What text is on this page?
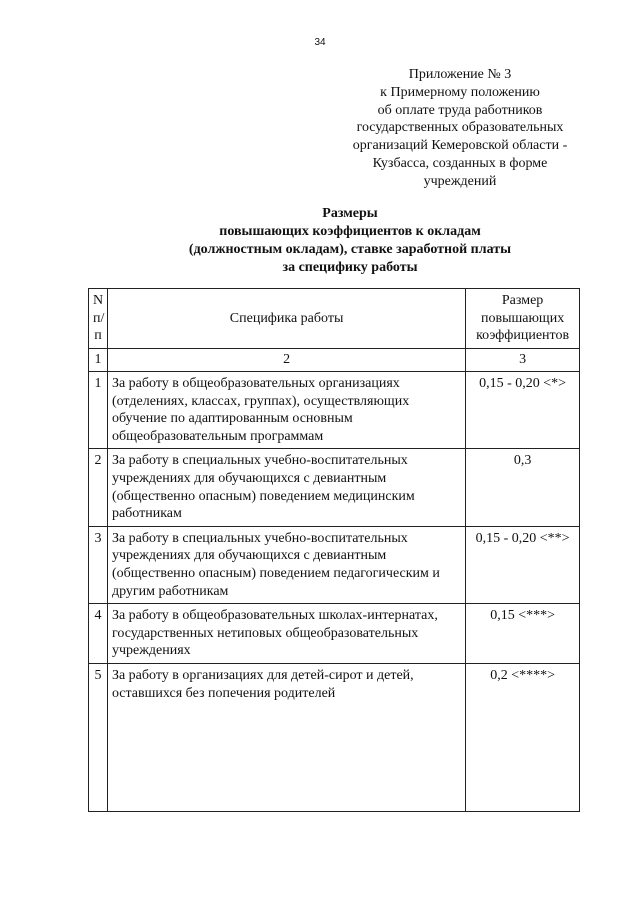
34
Приложение № 3
к Примерному положению
об оплате труда работников
государственных образовательных
организаций Кемеровской области -
Кузбасса, созданных в форме
учреждений
Размеры
повышающих коэффициентов к окладам
(должностным окладам), ставке заработной платы
за специфику работы
N п/п	Специфика работы	Размер повышающих коэффициентов
1	2	3
1	За работу в общеобразовательных организациях (отделениях, классах, группах), осуществляющих обучение по адаптированным основным общеобразовательным программам	0,15 - 0,20 <*>
2	За работу в специальных учебно-воспитательных учреждениях для обучающихся с девиантным (общественно опасным) поведением медицинским работникам	0,3
3	За работу в специальных учебно-воспитательных учреждениях для обучающихся с девиантным (общественно опасным) поведением педагогическим и другим работникам	0,15 - 0,20 <**>
4	За работу в общеобразовательных школах-интернатах, государственных нетиповых общеобразовательных учреждениях	0,15 <***>
5	За работу в организациях для детей-сирот и детей, оставшихся без попечения родителей	0,2 <****>
